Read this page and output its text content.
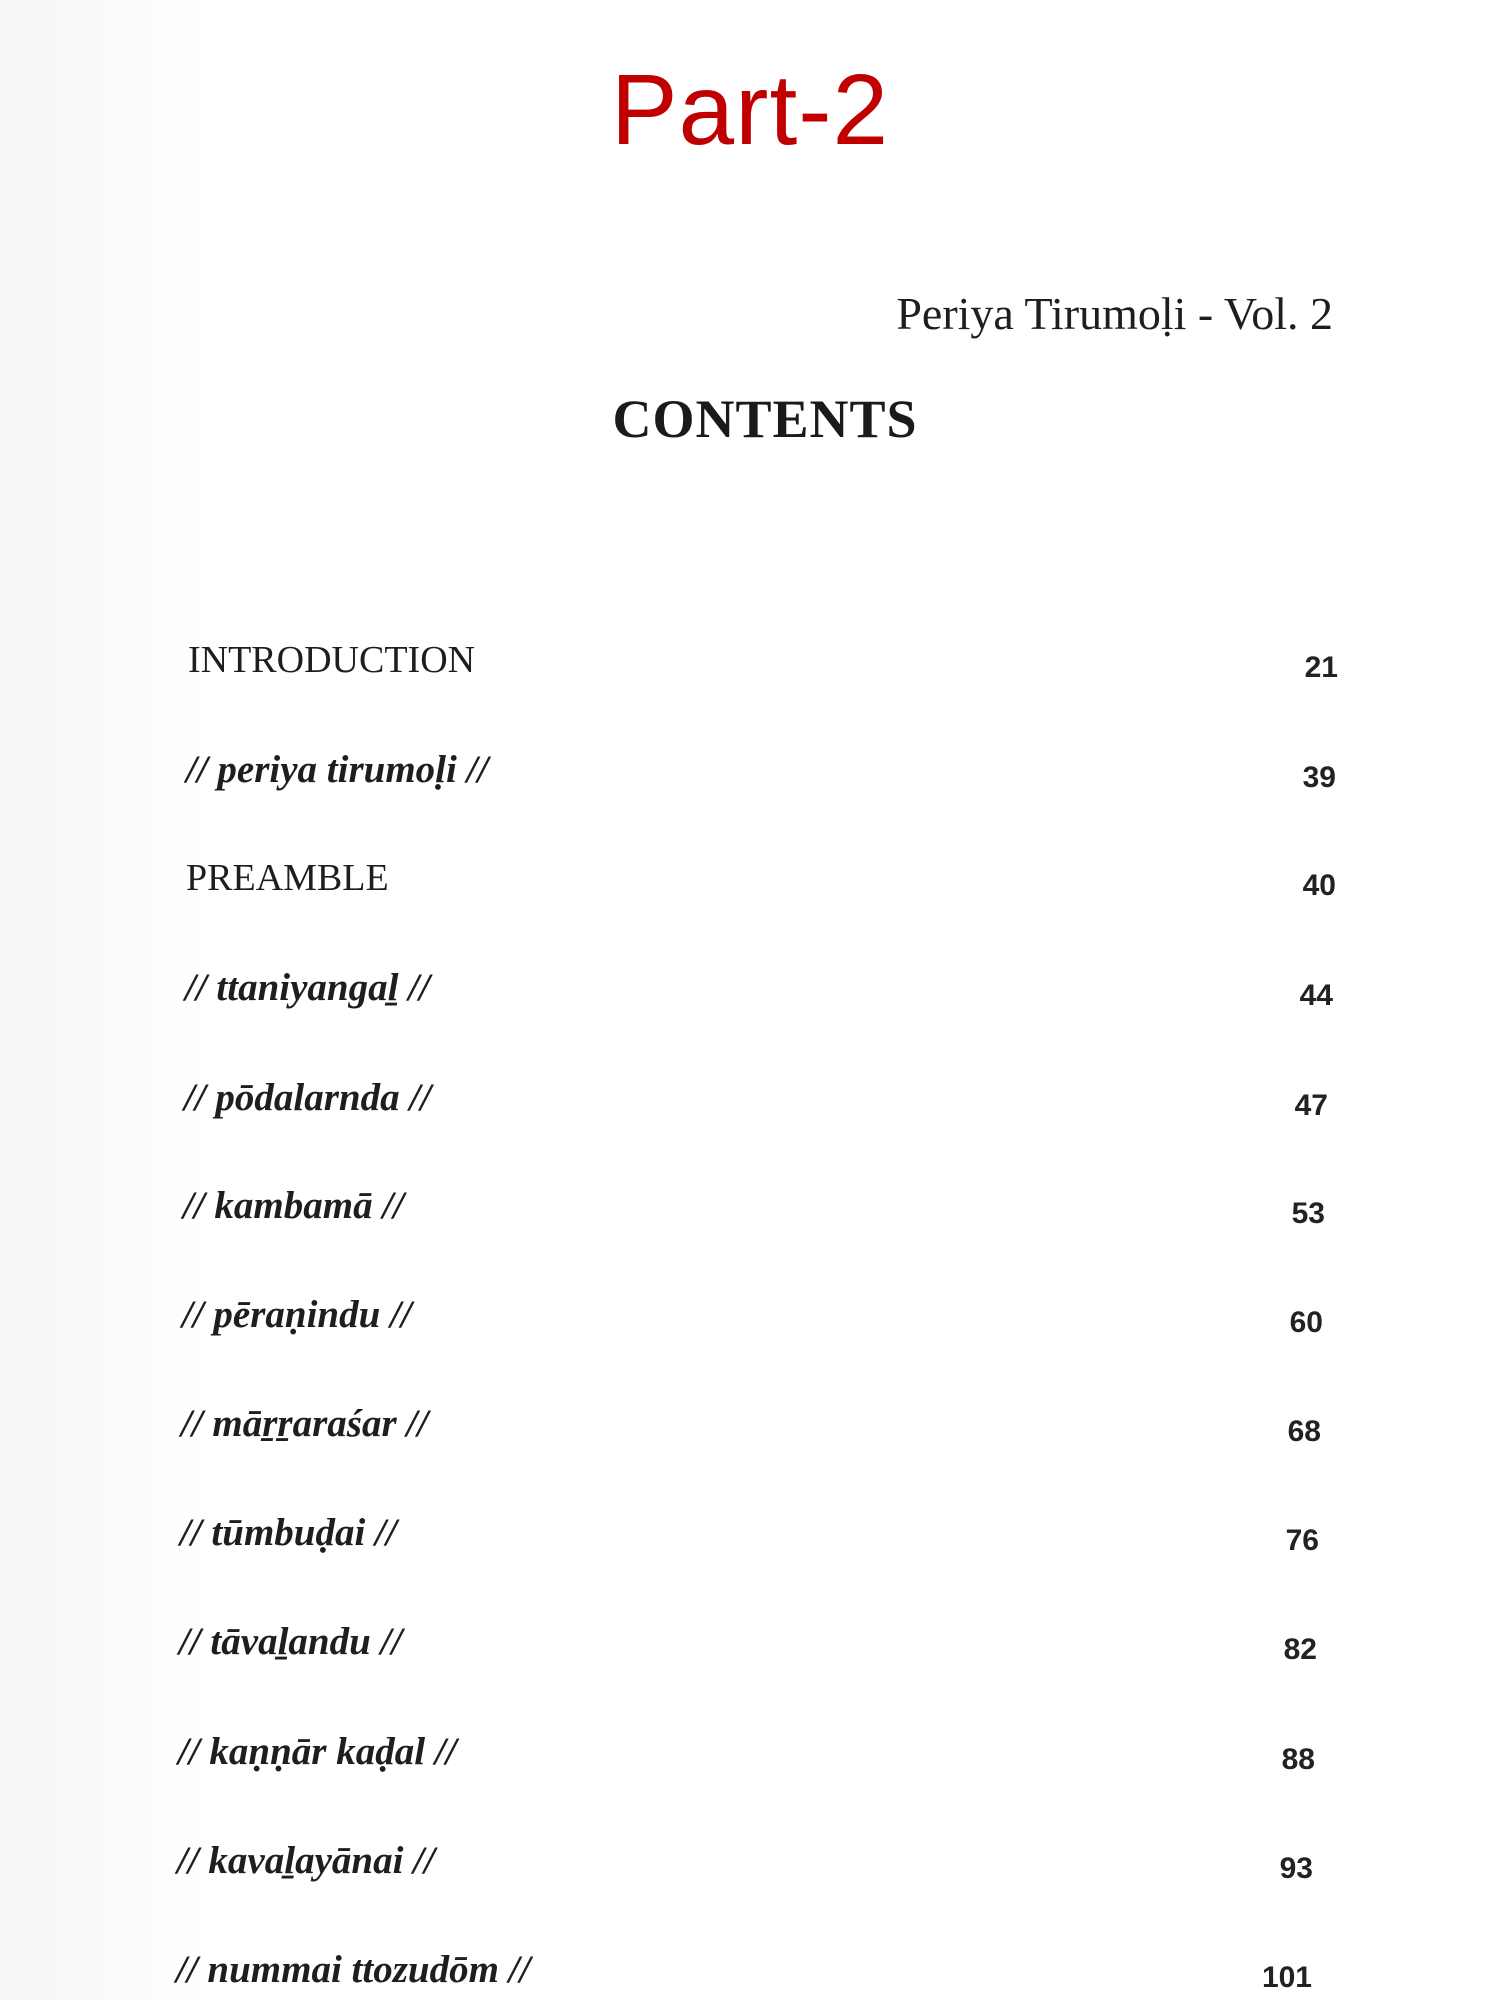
Part-2
Periya Tirumoḷi - Vol. 2
CONTENTS
INTRODUCTION	21
// periya tirumoḷi //	39
PREAMBLE	40
// ttaniyangaḻ //	44
// pōdalarnda //	47
// kambamā //	53
// pēraṇindu //	60
// māṟṟaraśar //	68
// tūmbuḍai //	76
// tāvaḻandu //	82
// kaṇṇār kaḍal //	88
// kavaḻayānai //	93
// nummai ttozudōm //	101
